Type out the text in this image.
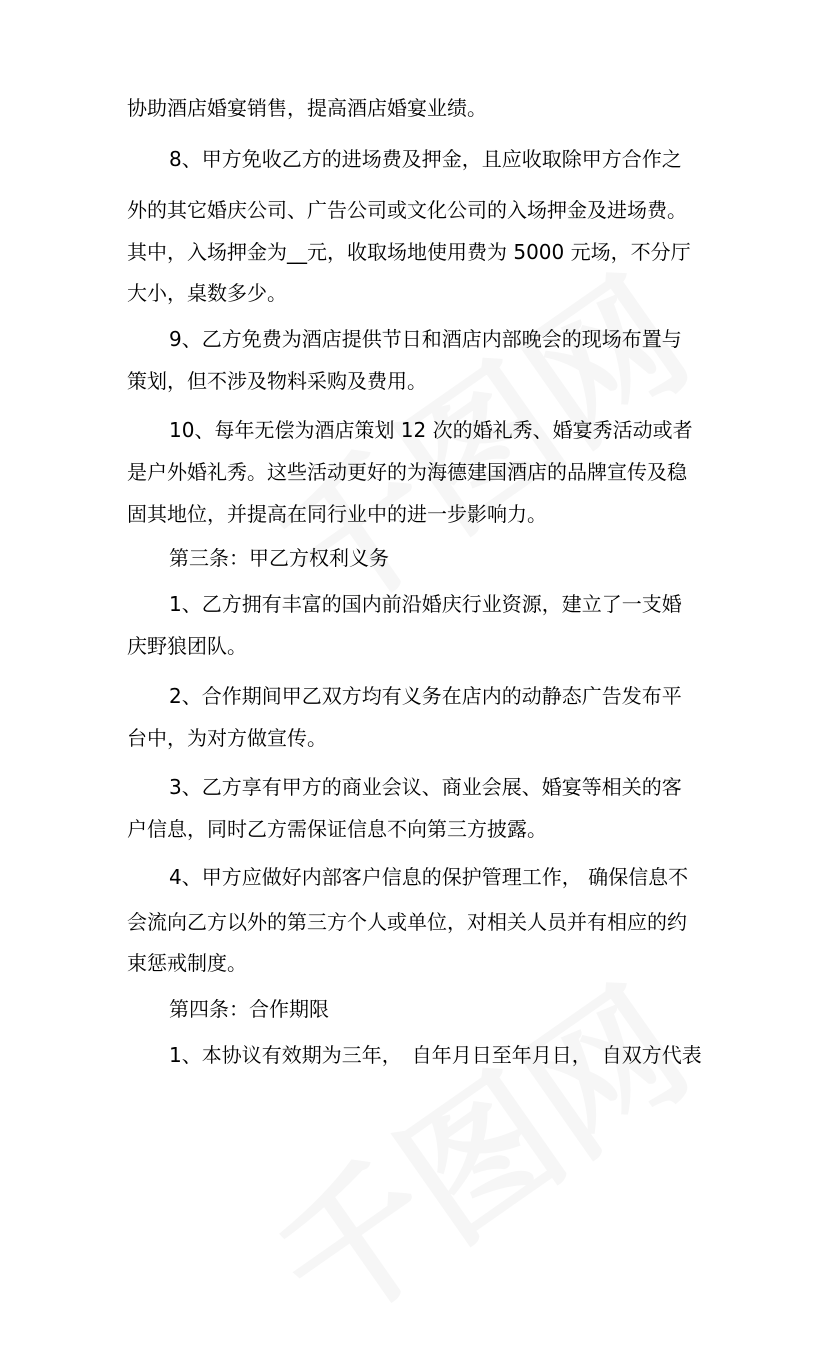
协助酒店婚宴销售，提高酒店婚宴业绩。
8、甲方免收乙方的进场费及押金，且应收取除甲方合作之
外的其它婚庆公司、广告公司或文化公司的入场押金及进场费。
其中，入场押金为__元，收取场地使用费为 5000 元场，不分厅
大小，桌数多少。
9、乙方免费为酒店提供节日和酒店内部晚会的现场布置与
策划，但不涉及物料采购及费用。
10、每年无偿为酒店策划 12 次的婚礼秀、婚宴秀活动或者
是户外婚礼秀。这些活动更好的为海德建国酒店的品牌宣传及稳
固其地位，并提高在同行业中的进一步影响力。
第三条：甲乙方权利义务
1、乙方拥有丰富的国内前沿婚庆行业资源，建立了一支婚
庆野狼团队。
2、合作期间甲乙双方均有义务在店内的动静态广告发布平
台中，为对方做宣传。
3、乙方享有甲方的商业会议、商业会展、婚宴等相关的客
户信息，同时乙方需保证信息不向第三方披露。
4、甲方应做好内部客户信息的保护管理工作， 确保信息不
会流向乙方以外的第三方个人或单位，对相关人员并有相应的约
束惩戒制度。
第四条：合作期限
1、本协议有效期为三年，　自年月日至年月日，　自双方代表
